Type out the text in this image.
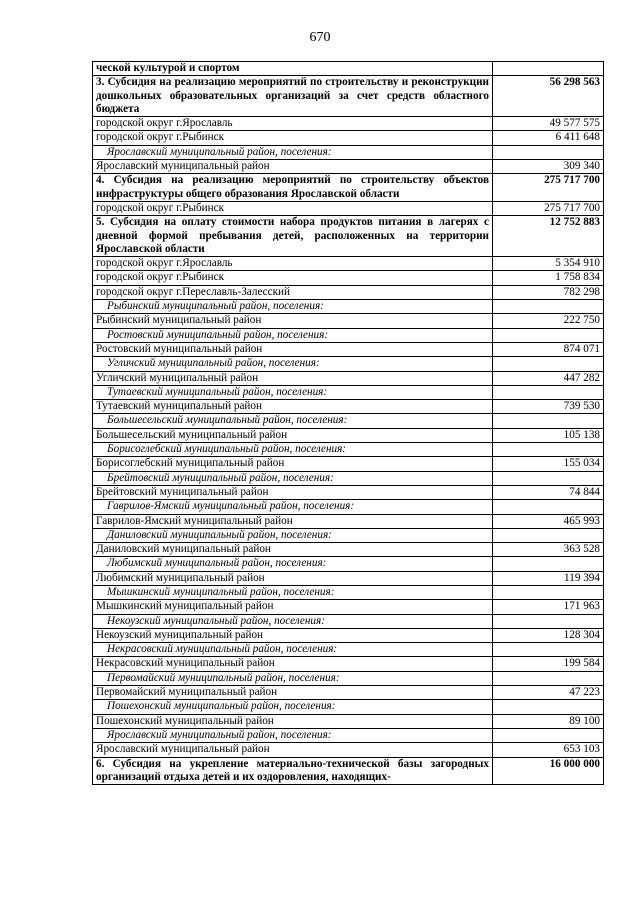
670
ческой культурой и спортом	
3. Субсидия на реализацию мероприятий по строительству и реконструкции дошкольных образовательных организаций за счет средств областного бюджета	56 298 563
городской округ г.Ярославль	49 577 575
городской округ г.Рыбинск	6 411 648
Ярославский муниципальный район, поселения:	
Ярославский муниципальный район	309 340
4. Субсидия на реализацию мероприятий по строительству объектов инфраструктуры общего образования Ярославской области	275 717 700
городской округ г.Рыбинск	275 717 700
5. Субсидия на оплату стоимости набора продуктов питания в лагерях с дневной формой пребывания детей, расположенных на территории Ярославской области	12 752 883
городской округ г.Ярославль	5 354 910
городской округ г.Рыбинск	1 758 834
городской округ г.Переславль-Залесский	782 298
Рыбинский муниципальный район, поселения:	
Рыбинский муниципальный район	222 750
Ростовский муниципальный район, поселения:	
Ростовский муниципальный район	874 071
Угличский муниципальный район, поселения:	
Угличский муниципальный район	447 282
Тутаевский муниципальный район, поселения:	
Тутаевский муниципальный район	739 530
Большесельский муниципальный район, поселения:	
Большесельский муниципальный район	105 138
Борисоглебский муниципальный район, поселения:	
Борисоглебский муниципальный район	155 034
Брейтовский муниципальный район, поселения:	
Брейтовский муниципальный район	74 844
Гаврилов-Ямский муниципальный район, поселения:	
Гаврилов-Ямский муниципальный район	465 993
Даниловский муниципальный район, поселения:	
Даниловский муниципальный район	363 528
Любимский муниципальный район, поселения:	
Любимский муниципальный район	119 394
Мышкинский муниципальный район, поселения:	
Мышкинский муниципальный район	171 963
Некоузский муниципальный район, поселения:	
Некоузский муниципальный район	128 304
Некрасовский муниципальный район, поселения:	
Некрасовский муниципальный район	199 584
Первомайский муниципальный район, поселения:	
Первомайский муниципальный район	47 223
Пошехонский муниципальный район, поселения:	
Пошехонский муниципальный район	89 100
Ярославский муниципальный район, поселения:	
Ярославский муниципальный район	653 103
6. Субсидия на укрепление материально-технической базы загородных организаций отдыха детей и их оздоровления, находящих-	16 000 000
